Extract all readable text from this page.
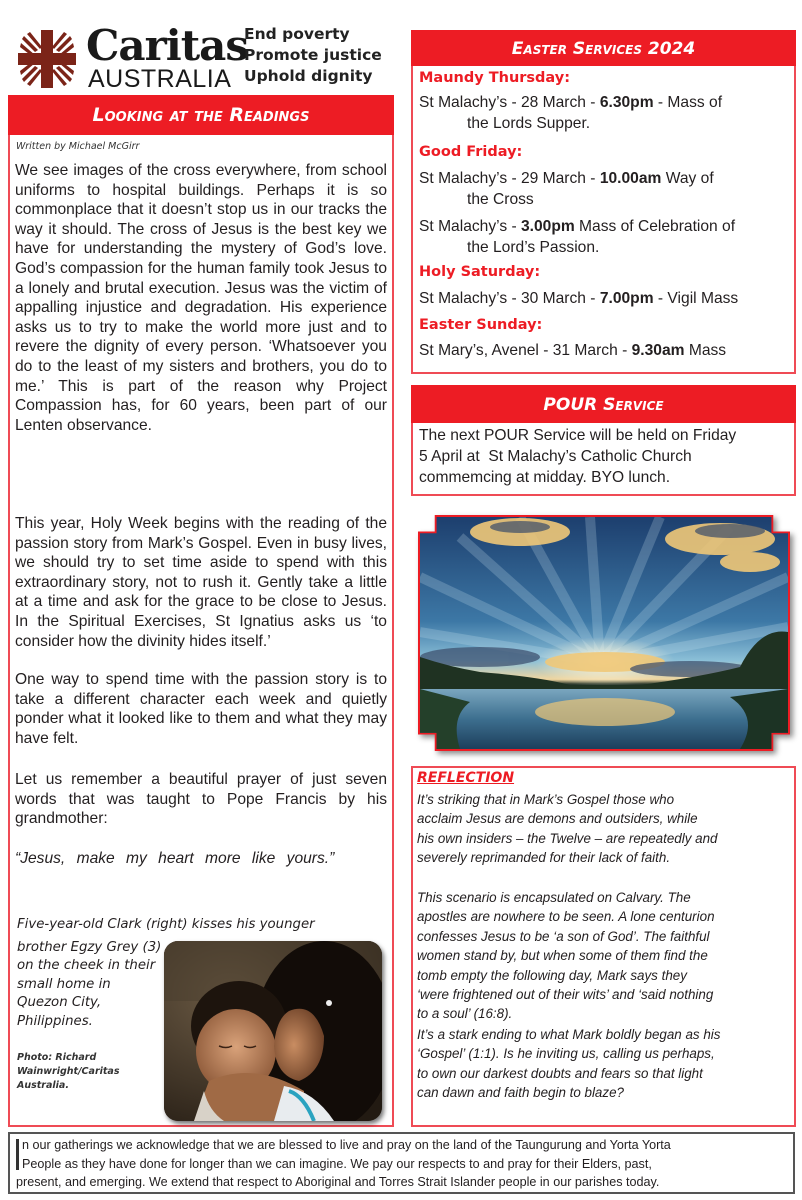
Caritas
AUSTRALIA
End poverty
Promote justice
Uphold dignity
Looking at the Readings
Written by Michael McGirr

We see images of the cross everywhere, from school uniforms to hospital buildings. Perhaps it is so commonplace that it doesn’t stop us in our tracks the way it should. The cross of Jesus is the best key we have for understanding the mystery of God’s love. God’s compassion for the human family took Jesus to a lonely and brutal execution. Jesus was the victim of appalling injustice and degradation. His experience asks us to try to make the world more just and to revere the dignity of every person. ‘Whatsoever you do to the least of my sisters and brothers, you do to me.’ This is part of the reason why Project Compassion has, for 60 years, been part of our Lenten observance.

This year, Holy Week begins with the reading of the passion story from Mark’s Gospel. Even in busy lives, we should try to set time aside to spend with this extraordinary story, not to rush it. Gently take a little at a time and ask for the grace to be close to Jesus. In the Spiritual Exercises, St Ignatius asks us ‘to consider how the divinity hides itself.’

One way to spend time with the passion story is to take a different character each week and quietly ponder what it looked like to them and what they may have felt.

Let us remember a beautiful prayer of just seven words that was taught to Pope Francis by his grandmother:

“Jesus, make my heart more like yours.”

Five-year-old Clark (right) kisses his younger
brother Egzy Grey (3) on the cheek in their small home in Quezon City, Philippines.
Photo: Richard Wainwright/Caritas Australia.
Easter Services 2024
Maundy Thursday:
St Malachy’s - 28 March - 6.30pm - Mass of
the Lords Supper.
Good Friday:
St Malachy’s - 29 March - 10.00am Way of
the Cross
St Malachy’s - 3.00pm Mass of Celebration of
the Lord’s Passion.
Holy Saturday:
St Malachy’s - 30 March - 7.00pm - Vigil Mass
Easter Sunday:
St Mary’s, Avenel - 31 March - 9.30am Mass
POUR Service
The next POUR Service will be held on Friday
5 April at  St Malachy’s Catholic Church
commemcing at midday. BYO lunch.
REFLECTION
It’s striking that in Mark’s Gospel those who
acclaim Jesus are demons and outsiders, while
his own insiders – the Twelve – are repeatedly and
severely reprimanded for their lack of faith.
This scenario is encapsulated on Calvary. The
apostles are nowhere to be seen. A lone centurion
confesses Jesus to be ‘a son of God’. The faithful
women stand by, but when some of them find the
tomb empty the following day, Mark says they
‘were frightened out of their wits’ and ‘said nothing
to a soul’ (16:8).
It’s a stark ending to what Mark boldly began as his
‘Gospel’ (1:1). Is he inviting us, calling us perhaps,
to own our darkest doubts and fears so that light
can dawn and faith begin to blaze?
n our gatherings we acknowledge that we are blessed to live and pray on the land of the Taungurung and Yorta Yorta
People as they have done for longer than we can imagine. We pay our respects to and pray for their Elders, past,
present, and emerging. We extend that respect to Aboriginal and Torres Strait Islander people in our parishes today.
